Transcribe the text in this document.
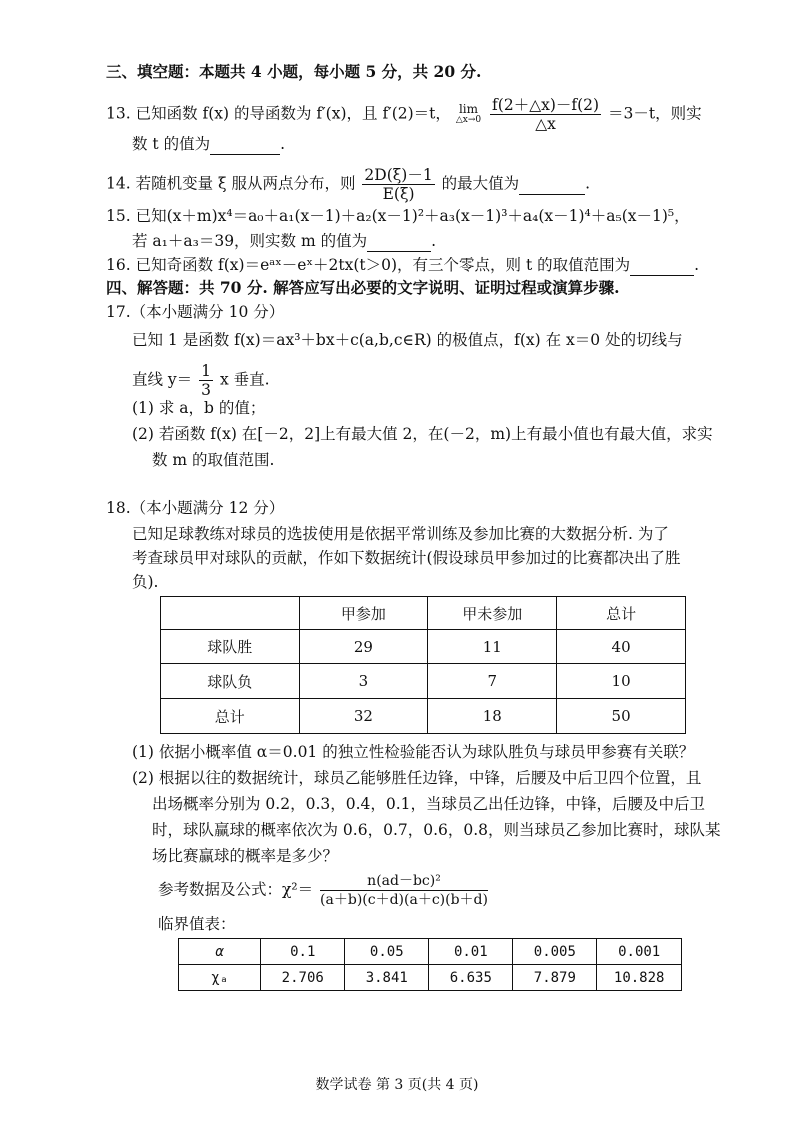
三、填空题：本题共 4 小题，每小题 5 分，共 20 分.
13. 已知函数 f(x) 的导函数为 f′(x)，且 f′(2)＝t， lim
△x→0
$\frac{f(2+\triangle x)-f(2)}{\triangle x} =3-t$，则实
数 t 的值为	.
14. 若随机变量 ξ 服从两点分布，则 $\frac{2D(\xi)-1}{E(\xi)}$ 的最大值为	.
15. 已知(x＋m)x⁴＝a₀＋a₁(x－1)＋a₂(x－1)²＋a₃(x－1)³＋a₄(x－1)⁴＋a₅(x－1)⁵，
若 a₁＋a₃＝39，则实数 m 的值为	.
16. 已知奇函数 f(x)＝eᵃˣ－eˣ＋2tx(t＞0)，有三个零点，则 t 的取值范围为	.
四、解答题：共 70 分. 解答应写出必要的文字说明、证明过程或演算步骤.
17.（本小题满分 10 分）
已知 1 是函数 f(x)＝ax³＋bx＋c(a,b,c∈R) 的极值点，f(x) 在 x＝0 处的切线与
直线 $y= \frac{1}{3}$ x 垂直.
(1) 求 a，b 的值；
(2) 若函数 f(x) 在[－2，2]上有最大值 2，在(－2，m)上有最小值也有最大值，求实
数 m 的取值范围.
18.（本小题满分 12 分）
已知足球教练对球员的选拔使用是依据平常训练及参加比赛的大数据分析. 为了
考查球员甲对球队的贡献，作如下数据统计(假设球员甲参加过的比赛都决出了胜
负).
	甲参加	甲未参加	总计
球队胜	29	11	40
球队负	3	7	10
总计	32	18	50
(1) 依据小概率值 α＝0.01 的独立性检验能否认为球队胜负与球员甲参赛有关联？
(2) 根据以往的数据统计，球员乙能够胜任边锋，中锋，后腰及中后卫四个位置，且
出场概率分别为 0.2，0.3，0.4，0.1，当球员乙出任边锋，中锋，后腰及中后卫
时，球队赢球的概率依次为 0.6，0.7，0.6，0.8，则当球员乙参加比赛时，球队某
场比赛赢球的概率是多少？
参考数据及公式：$\chi^2= \frac{\text{n(ad－bc)²}}{(a+b)(c+d)(a+c)(b+d)}$
临界值表：
α	0.1	0.05	0.01	0.005	0.001
χₐ	2.706	3.841	6.635	7.879	10.828
数学试卷 第 3 页(共 4 页)
